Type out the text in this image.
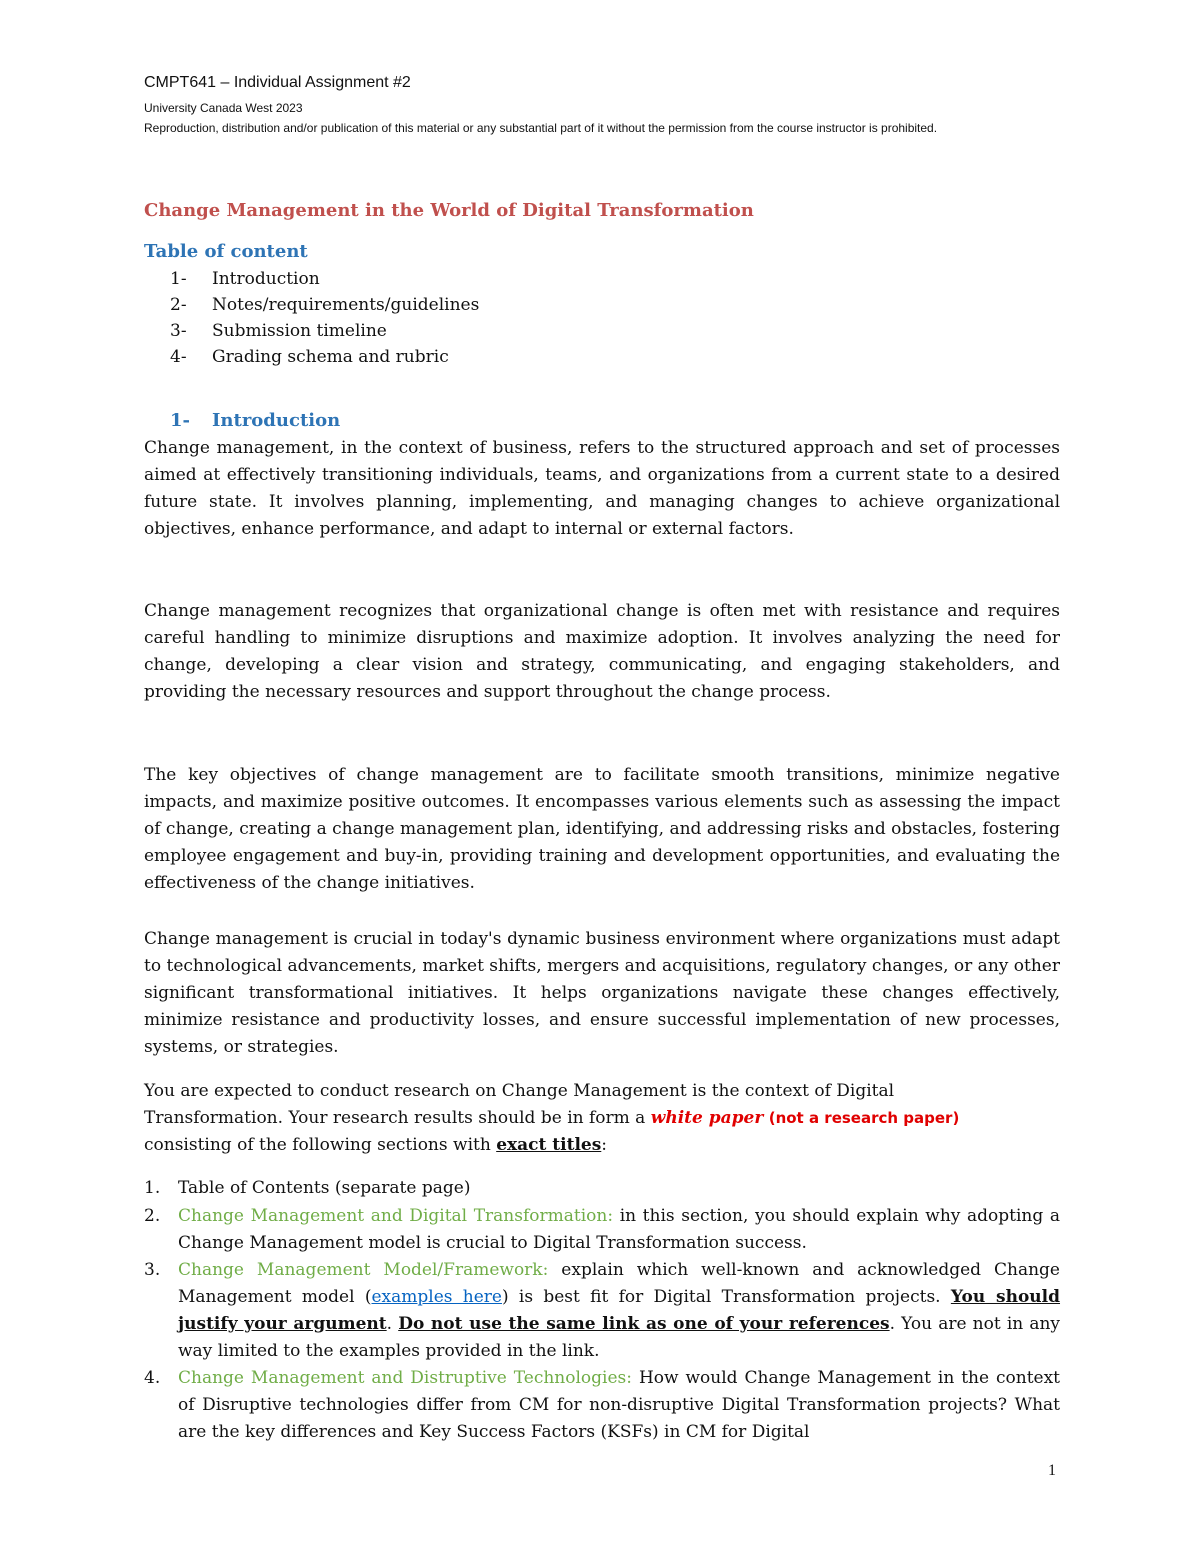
CMPT641 – Individual Assignment #2
University Canada West 2023
Reproduction, distribution and/or publication of this material or any substantial part of it without the permission from the course instructor is prohibited.
Change Management in the World of Digital Transformation
Table of content
1- Introduction
2- Notes/requirements/guidelines
3- Submission timeline
4- Grading schema and rubric
1- Introduction

Change management, in the context of business, refers to the structured approach and set of processes aimed at effectively transitioning individuals, teams, and organizations from a current state to a desired future state. It involves planning, implementing, and managing changes to achieve organizational objectives, enhance performance, and adapt to internal or external factors.

Change management recognizes that organizational change is often met with resistance and requires careful handling to minimize disruptions and maximize adoption. It involves analyzing the need for change, developing a clear vision and strategy, communicating, and engaging stakeholders, and providing the necessary resources and support throughout the change process.

The key objectives of change management are to facilitate smooth transitions, minimize negative impacts, and maximize positive outcomes. It encompasses various elements such as assessing the impact of change, creating a change management plan, identifying, and addressing risks and obstacles, fostering employee engagement and buy-in, providing training and development opportunities, and evaluating the effectiveness of the change initiatives.

Change management is crucial in today's dynamic business environment where organizations must adapt to technological advancements, market shifts, mergers and acquisitions, regulatory changes, or any other significant transformational initiatives. It helps organizations navigate these changes effectively, minimize resistance and productivity losses, and ensure successful implementation of new processes, systems, or strategies.

You are expected to conduct research on Change Management is the context of Digital Transformation. Your research results should be in form a white paper (not a research paper)
consisting of the following sections with exact titles:

1. Table of Contents (separate page)
2. Change Management and Digital Transformation: in this section, you should explain why adopting a Change Management model is crucial to Digital Transformation success.
3. Change Management Model/Framework: explain which well-known and acknowledged Change Management model (examples here) is best fit for Digital Transformation projects. You should justify your argument. Do not use the same link as one of your references. You are not in any way limited to the examples provided in the link.
4. Change Management and Distruptive Technologies: How would Change Management in the context of Disruptive technologies differ from CM for non-disruptive Digital Transformation projects? What are the key differences and Key Success Factors (KSFs) in CM for Digital
1
